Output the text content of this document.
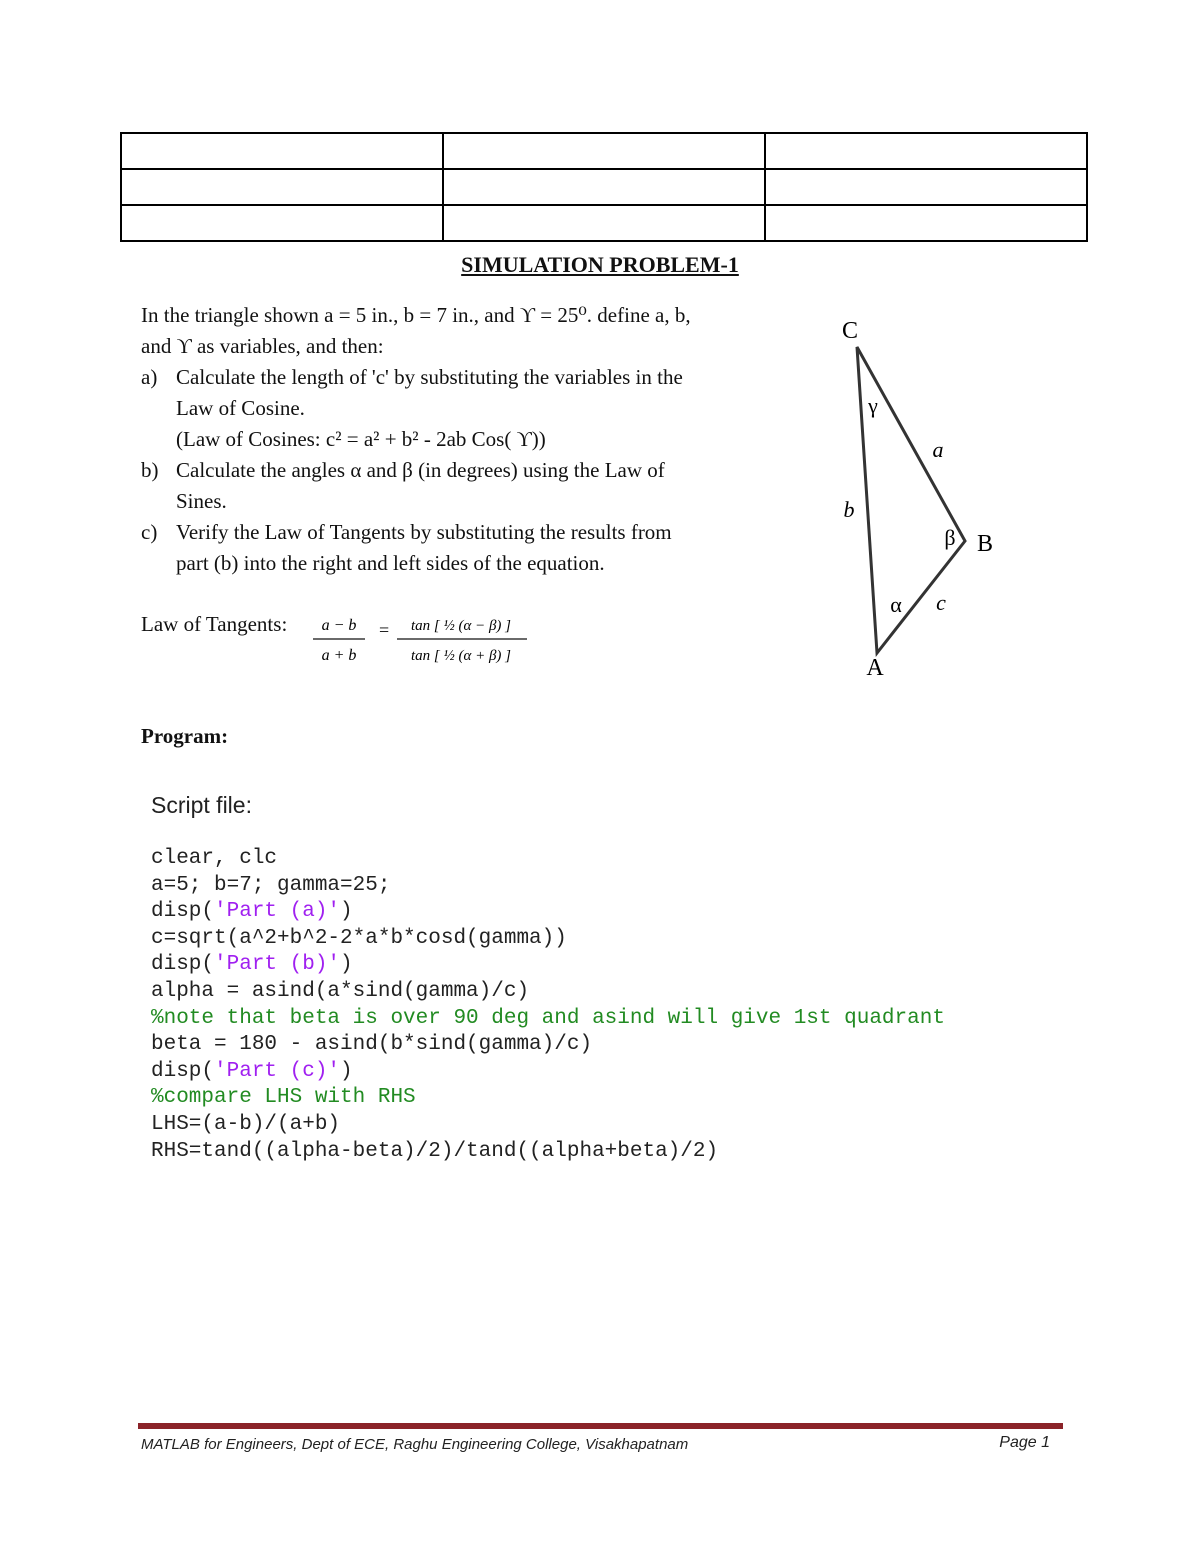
SIMULATION PROBLEM-1

In the triangle shown a = 5 in., b = 7 in., and ϒ = 25⁰. define a, b,

and ϒ as variables, and then:

a) Calculate the length of 'c' by substituting the variables in the

Law of Cosine.

(Law of Cosines: c² = a² + b² - 2ab Cos( ϒ))

b) Calculate the angles α and β (in degrees) using the Law of

Sines.

c) Verify the Law of Tangents by substituting the results from

part (b) into the right and left sides of the equation.

Law of Tangents: a − b
a + b
= tan [ ½ (α − β) ]
tan [ ½ (α + β) ]
C
B
A
a
b
c
γ
β
α
Program:
Script file:
clear, clc
a=5; b=7; gamma=25;
disp('Part (a)')
c=sqrt(a^2+b^2-2*a*b*cosd(gamma))
disp('Part (b)')
alpha = asind(a*sind(gamma)/c)
%note that beta is over 90 deg and asind will give 1st quadrant
beta = 180 - asind(b*sind(gamma)/c)
disp('Part (c)')
%compare LHS with RHS
LHS=(a-b)/(a+b)
RHS=tand((alpha-beta)/2)/tand((alpha+beta)/2)
MATLAB for Engineers, Dept of ECE, Raghu Engineering College, Visakhapatnam	Page 1
